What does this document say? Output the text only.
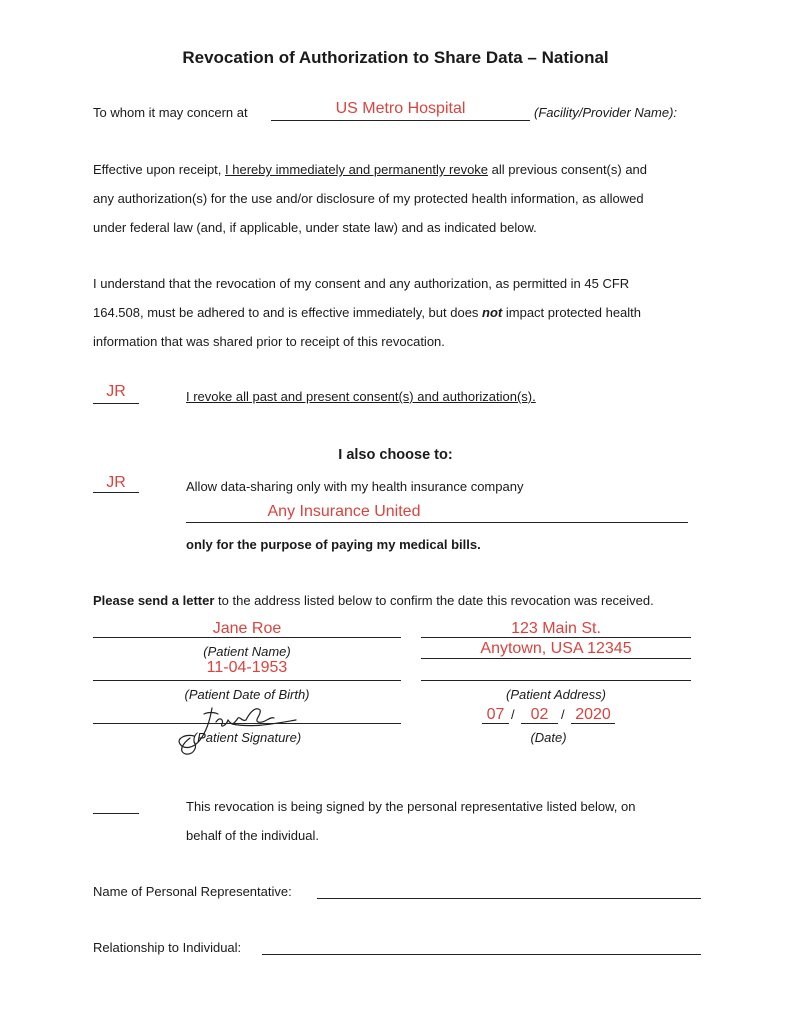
Revocation of Authorization to Share Data – National
To whom it may concern at	US Metro Hospital	(Facility/Provider Name):
Effective upon receipt, I hereby immediately and permanently revoke all previous consent(s) and
any authorization(s) for the use and/or disclosure of my protected health information, as allowed
under federal law (and, if applicable, under state law) and as indicated below.
I understand that the revocation of my consent and any authorization, as permitted in 45 CFR
164.508, must be adhered to and is effective immediately, but does not impact protected health
information that was shared prior to receipt of this revocation.
JR	I revoke all past and present consent(s) and authorization(s).
I also choose to:
JR	Allow data-sharing only with my health insurance company
Any Insurance United
only for the purpose of paying my medical bills.
Please send a letter to the address listed below to confirm the date this revocation was received.
Jane Roe
(Patient Name)
11-04-1953
(Patient Date of Birth)
(Patient Signature)
123 Main St.
Anytown, USA 12345
(Patient Address)
07 / 02 / 2020
(Date)
This revocation is being signed by the personal representative listed below, on
behalf of the individual.
Name of Personal Representative:
Relationship to Individual:
